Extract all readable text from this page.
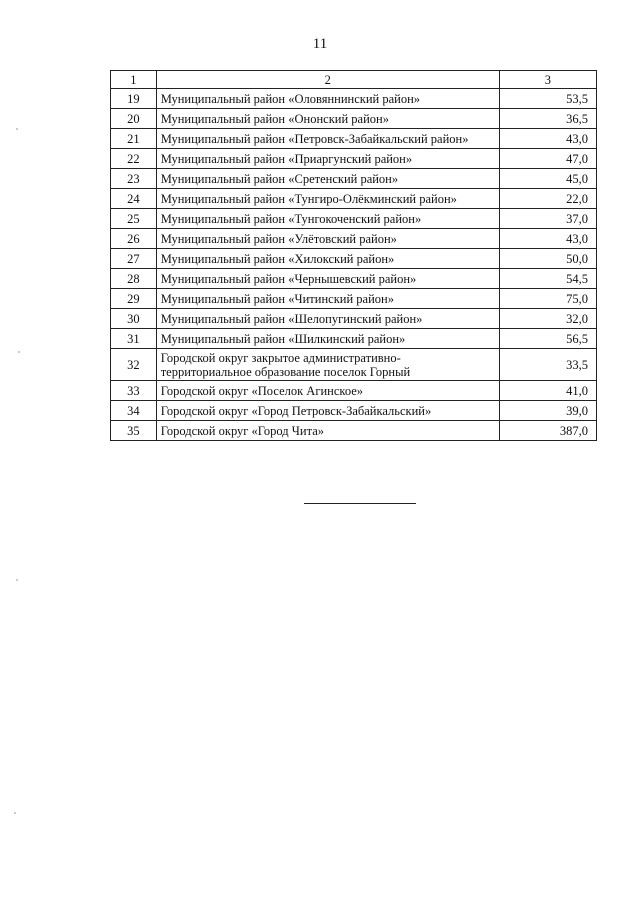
11
1	2	3
19	Муниципальный район «Оловяннинский район»	53,5
20	Муниципальный район «Ононский район»	36,5
21	Муниципальный район «Петровск-Забайкальский район»	43,0
22	Муниципальный район «Приаргунский район»	47,0
23	Муниципальный район «Сретенский район»	45,0
24	Муниципальный район «Тунгиро-Олёкминский район»	22,0
25	Муниципальный район «Тунгокоченский район»	37,0
26	Муниципальный район «Улётовский район»	43,0
27	Муниципальный район «Хилокский район»	50,0
28	Муниципальный район «Чернышевский район»	54,5
29	Муниципальный район «Читинский район»	75,0
30	Муниципальный район «Шелопугинский район»	32,0
31	Муниципальный район «Шилкинский район»	56,5
32	Городской округ закрытое административно-
территориальное образование поселок Горный	33,5
33	Городской округ «Поселок Агинское»	41,0
34	Городской округ «Город Петровск-Забайкальский»	39,0
35	Городской округ «Город Чита»	387,0
